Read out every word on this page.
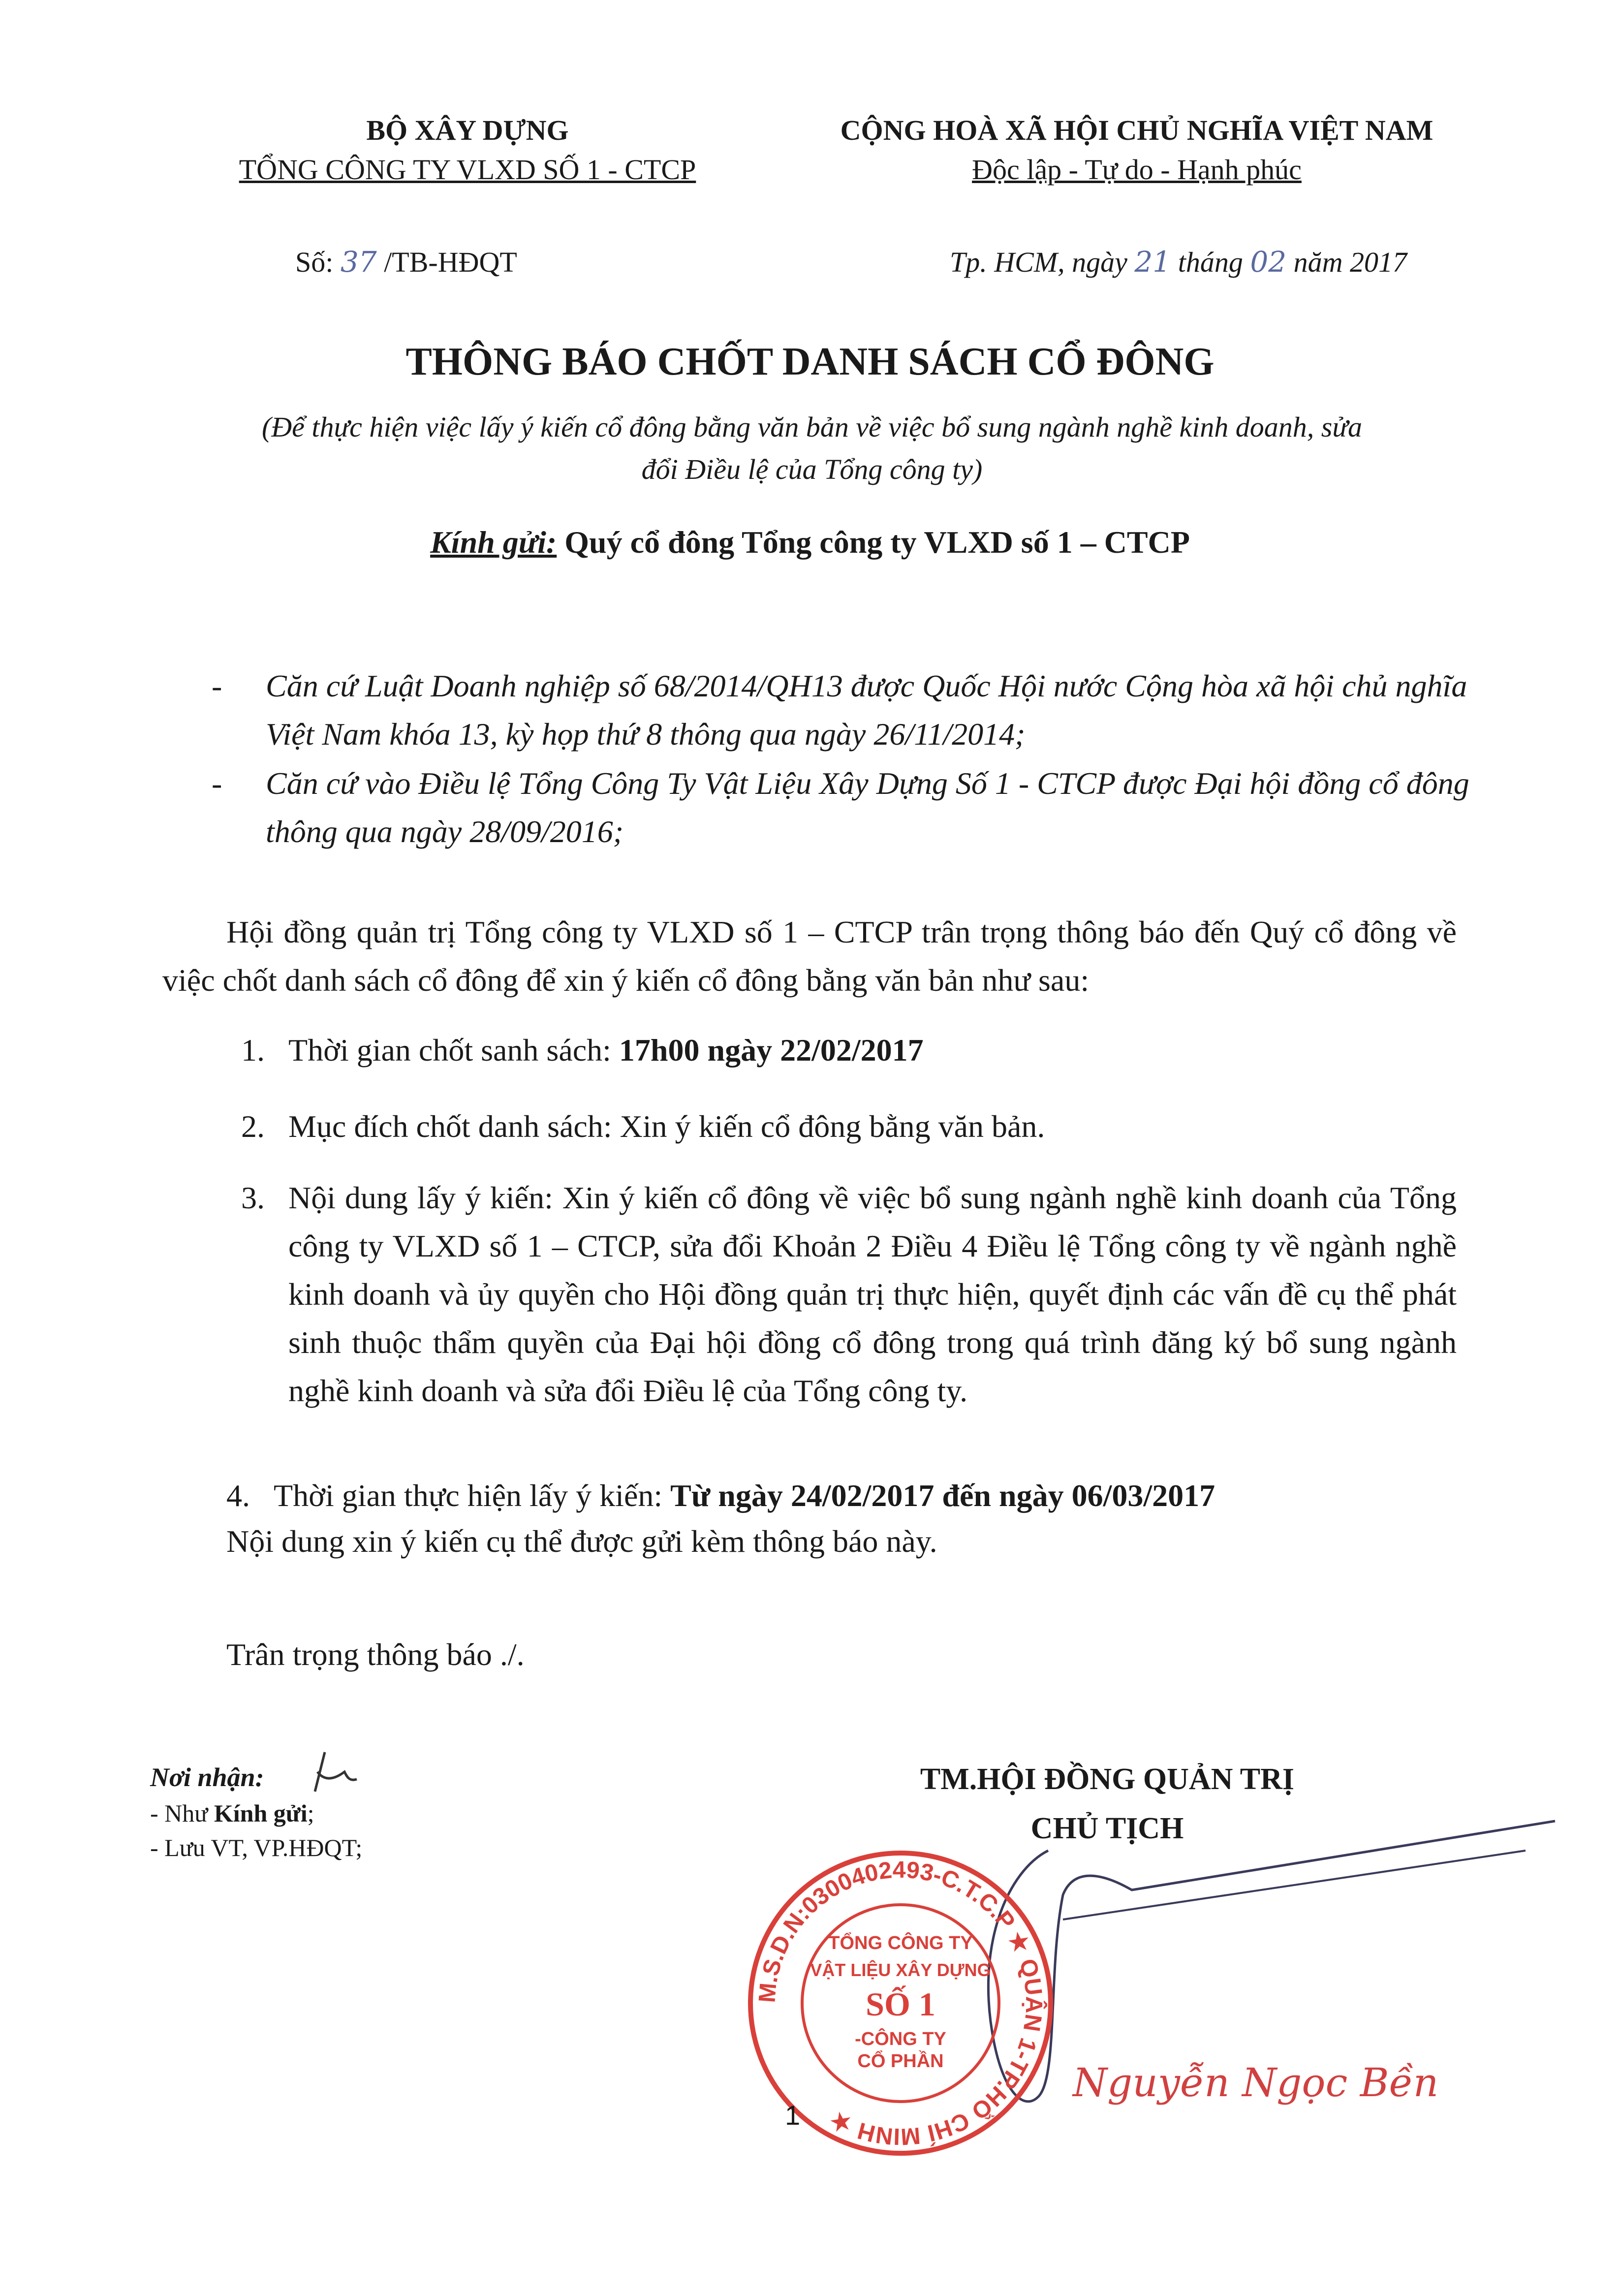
BỘ XÂY DỰNG
TỔNG CÔNG TY VLXD SỐ 1 - CTCP
CỘNG HOÀ XÃ HỘI CHỦ NGHĨA VIỆT NAM
Độc lập - Tự do - Hạnh phúc
Số: 37 /TB-HĐQT	Tp. HCM, ngày 21 tháng 02 năm 2017
THÔNG BÁO CHỐT DANH SÁCH CỔ ĐÔNG
(Để thực hiện việc lấy ý kiến cổ đông bằng văn bản về việc bổ sung ngành nghề kinh doanh, sửa đổi Điều lệ của Tổng công ty)
Kính gửi: Quý cổ đông Tổng công ty VLXD số 1 – CTCP
- Căn cứ Luật Doanh nghiệp số 68/2014/QH13 được Quốc Hội nước Cộng hòa xã hội chủ nghĩa Việt Nam khóa 13, kỳ họp thứ 8 thông qua ngày 26/11/2014;
- Căn cứ vào Điều lệ Tổng Công Ty Vật Liệu Xây Dựng Số 1 - CTCP được Đại hội đồng cổ đông thông qua ngày 28/09/2016;
Hội đồng quản trị Tổng công ty VLXD số 1 – CTCP trân trọng thông báo đến Quý cổ đông về việc chốt danh sách cổ đông để xin ý kiến cổ đông bằng văn bản như sau:
1. Thời gian chốt sanh sách: 17h00 ngày 22/02/2017
2. Mục đích chốt danh sách: Xin ý kiến cổ đông bằng văn bản.
3. Nội dung lấy ý kiến: Xin ý kiến cổ đông về việc bổ sung ngành nghề kinh doanh của Tổng công ty VLXD số 1 – CTCP, sửa đổi Khoản 2 Điều 4 Điều lệ Tổng công ty về ngành nghề kinh doanh và ủy quyền cho Hội đồng quản trị thực hiện, quyết định các vấn đề cụ thể phát sinh thuộc thẩm quyền của Đại hội đồng cổ đông trong quá trình đăng ký bổ sung ngành nghề kinh doanh và sửa đổi Điều lệ của Tổng công ty.
4. Thời gian thực hiện lấy ý kiến: Từ ngày 24/02/2017 đến ngày 06/03/2017
Nội dung xin ý kiến cụ thể được gửi kèm thông báo này.
Trân trọng thông báo ./.
Nơi nhận:
- Như Kính gửi;
- Lưu VT, VP.HĐQT;
TM.HỘI ĐỒNG QUẢN TRỊ
CHỦ TỊCH
M.S.D.N:0300402493-C.T.C.P ★ QUẬN 1-TP.HỒ CHÍ MINH ★
TỔNG CÔNG TY
VẬT LIỆU XÂY DỰNG
SỐ 1
-CÔNG TY
CỔ PHẦN	Nguyễn Ngọc Bền
1
